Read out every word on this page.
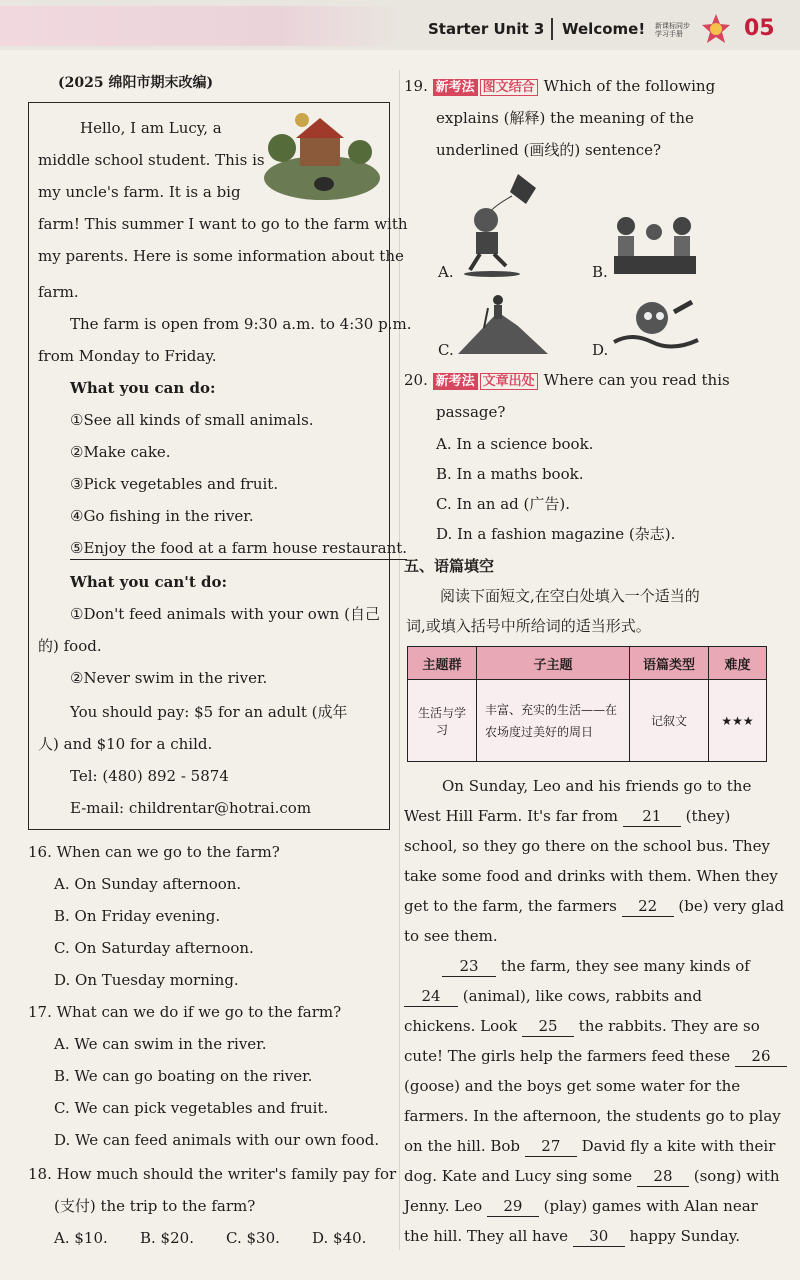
Starter Unit 3 Welcome! 新课标同步 学习手册	05
(2025 绵阳市期末改编)
Hello, I am Lucy, a
middle school student. This is
my uncle's farm. It is a big
farm! This summer I want to go to the farm with
my parents. Here is some information about the
farm.
The farm is open from 9:30 a.m. to 4:30 p.m.
from Monday to Friday.
What you can do:
①See all kinds of small animals.
②Make cake.
③Pick vegetables and fruit.
④Go fishing in the river.
⑤Enjoy the food at a farm house restaurant.
What you can't do:
①Don't feed animals with your own (自己
的) food.
②Never swim in the river.
You should pay: $5 for an adult (成年
人) and $10 for a child.
Tel: (480) 892 - 5874
E-mail: childrentar@hotrai.com
16. When can we go to the farm?
A. On Sunday afternoon.
B. On Friday evening.
C. On Saturday afternoon.
D. On Tuesday morning.
17. What can we do if we go to the farm?
A. We can swim in the river.
B. We can go boating on the river.
C. We can pick vegetables and fruit.
D. We can feed animals with our own food.
18. How much should the writer's family pay for
(支付) the trip to the farm?
A. $10. B. $20. C. $30. D. $40.
19. 新考法 图文结合 Which of the following
explains (解释) the meaning of the
underlined (画线的) sentence?
A.	B.
C.	D.
20. 新考法 文章出处 Where can you read this
passage?
A. In a science book.
B. In a maths book.
C. In an ad (广告).
D. In a fashion magazine (杂志).
五、语篇填空
阅读下面短文,在空白处填入一个适当的
词,或填入括号中所给词的适当形式。
主题群	子主题	语篇类型	难度
生活与学习	丰富、充实的生活——在农场度过美好的周日	记叙文	★★★
On Sunday, Leo and his friends go to the
West Hill Farm. It's far from 21 (they)
school, so they go there on the school bus. They
take some food and drinks with them. When they
get to the farm, the farmers 22 (be) very glad
to see them.
23 the farm, they see many kinds of
24 (animal), like cows, rabbits and
chickens. Look 25 the rabbits. They are so
cute! The girls help the farmers feed these 26
(goose) and the boys get some water for the
farmers. In the afternoon, the students go to play
on the hill. Bob 27 David fly a kite with their
dog. Kate and Lucy sing some 28 (song) with
Jenny. Leo 29 (play) games with Alan near
the hill. They all have 30 happy Sunday.
